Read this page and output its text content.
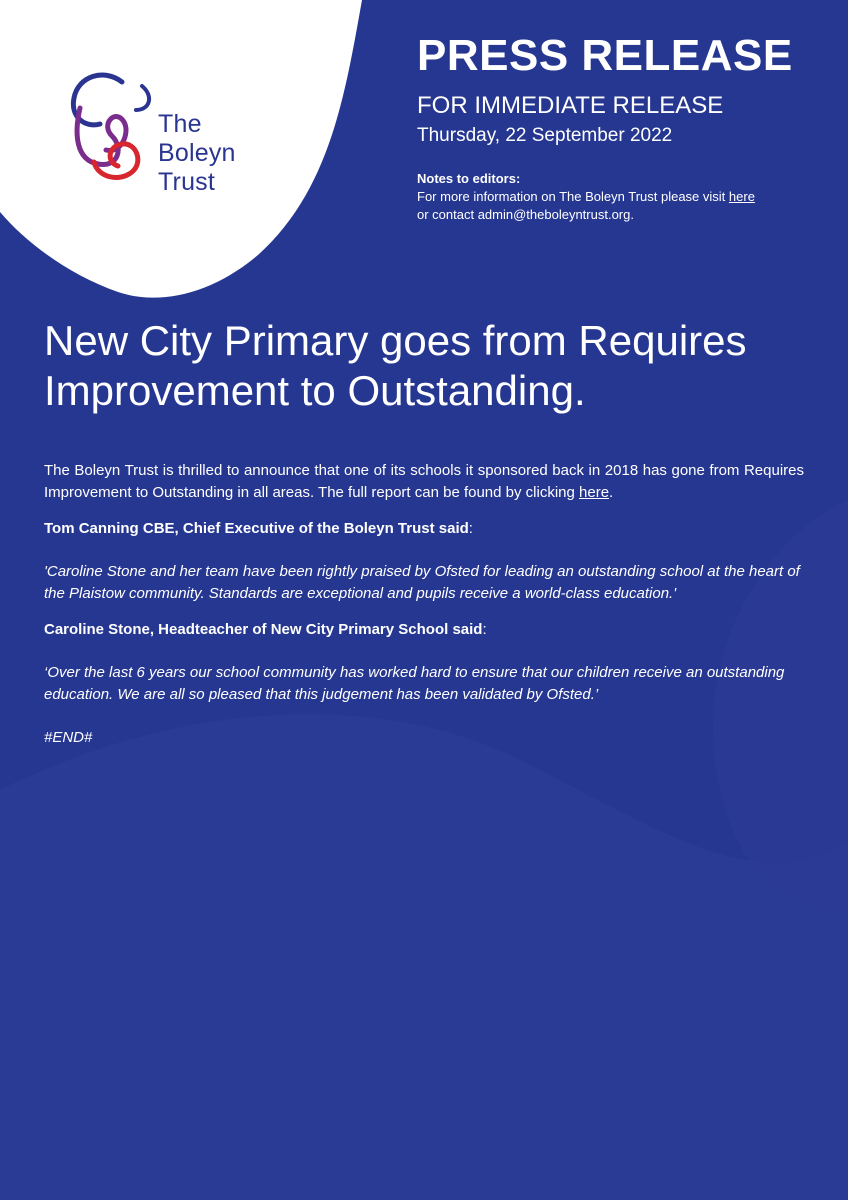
The
Boleyn
Trust
PRESS RELEASE
FOR IMMEDIATE RELEASE
Thursday, 22 September 2022
Notes to editors:
For more information on The Boleyn Trust please visit here
or contact admin@theboleyntrust.org.
New City Primary goes from Requires Improvement to Outstanding.

The Boleyn Trust is thrilled to announce that one of its schools it sponsored back in 2018 has gone from Requires Improvement to Outstanding in all areas. The full report can be found by clicking here.

Tom Canning CBE, Chief Executive of the Boleyn Trust said:

'Caroline Stone and her team have been rightly praised by Ofsted for leading an outstanding school at the heart of the Plaistow community. Standards are exceptional and pupils receive a world-class education.'

Caroline Stone, Headteacher of New City Primary School said:

‘Over the last 6 years our school community has worked hard to ensure that our children receive an outstanding education. We are all so pleased that this judgement has been validated by Ofsted.’

#END#
